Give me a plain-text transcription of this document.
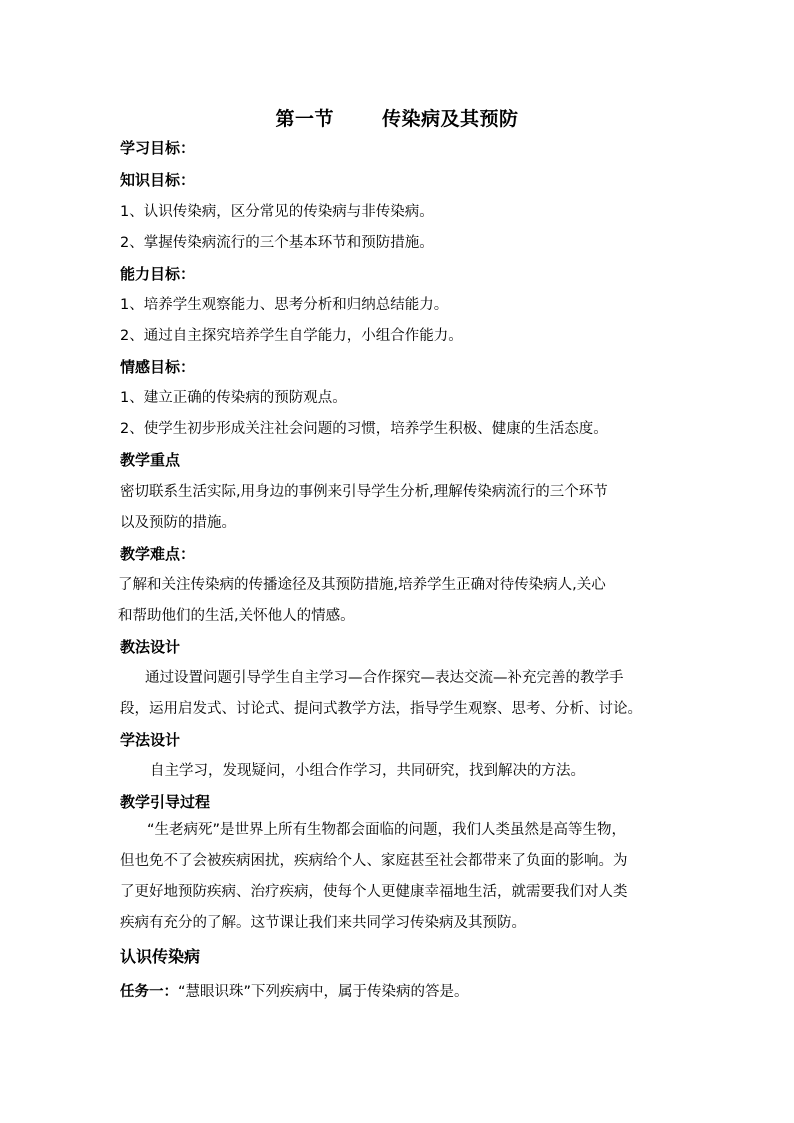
第一节	传染病及其预防
学习目标：
知识目标：
1、认识传染病，区分常见的传染病与非传染病。
2、掌握传染病流行的三个基本环节和预防措施。
能力目标：
1、培养学生观察能力、思考分析和归纳总结能力。
2、通过自主探究培养学生自学能力，小组合作能力。
情感目标：
1、建立正确的传染病的预防观点。
2、使学生初步形成关注社会问题的习惯，培养学生积极、健康的生活态度。
教学重点
密切联系生活实际,用身边的事例来引导学生分析,理解传染病流行的三个环节
以及预防的措施。
教学难点：
了解和关注传染病的传播途径及其预防措施,培养学生正确对待传染病人,关心
和帮助他们的生活,关怀他人的情感。
教法设计
通过设置问题引导学生自主学习—合作探究—表达交流—补充完善的教学手
段，运用启发式、讨论式、提问式教学方法，指导学生观察、思考、分析、讨论。
学法设计
自主学习，发现疑问，小组合作学习，共同研究，找到解决的方法。
教学引导过程
“生老病死”是世界上所有生物都会面临的问题，我们人类虽然是高等生物，
但也免不了会被疾病困扰，疾病给个人、家庭甚至社会都带来了负面的影响。为
了更好地预防疾病、治疗疾病，使每个人更健康幸福地生活，就需要我们对人类
疾病有充分的了解。这节课让我们来共同学习传染病及其预防。
认识传染病
任务一：“慧眼识珠”下列疾病中，属于传染病的答是。
